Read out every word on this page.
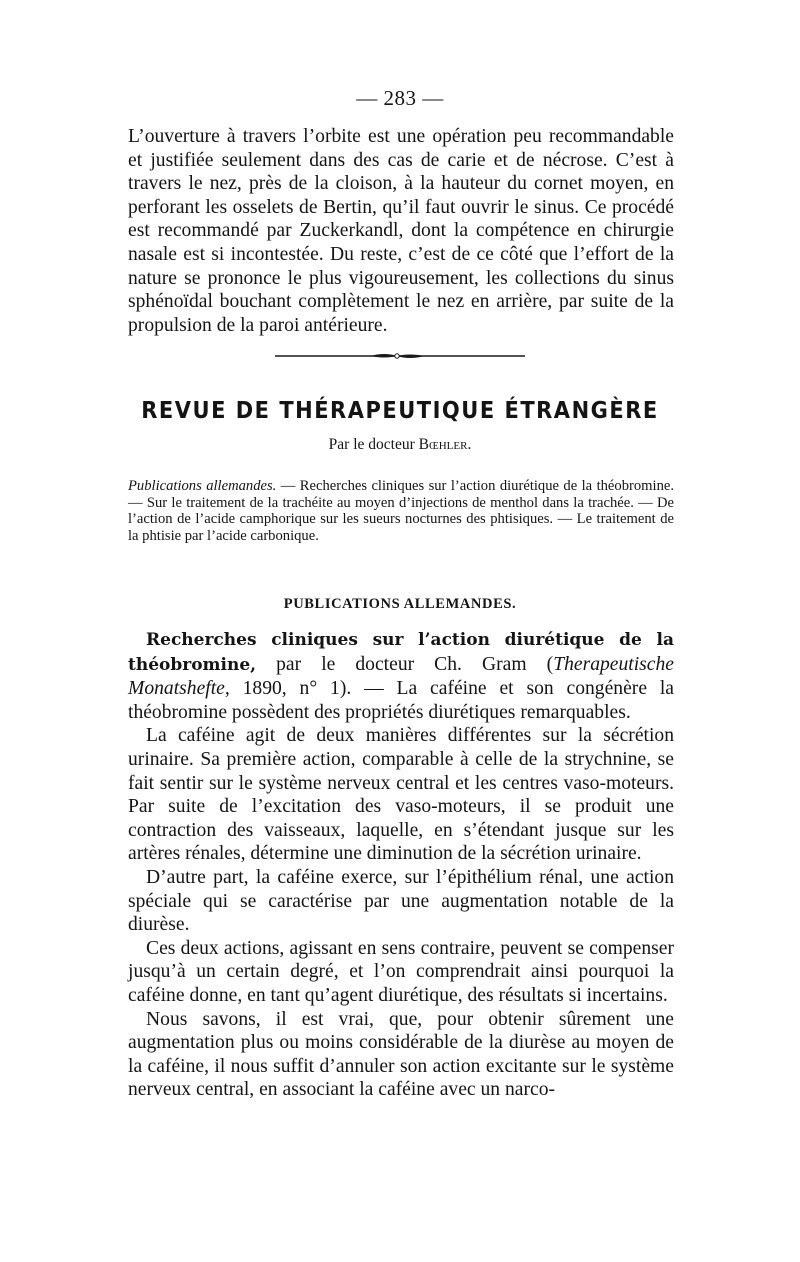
— 283 —

L’ouverture à travers l’orbite est une opération peu recommandable et justifiée seulement dans des cas de carie et de nécrose. C’est à travers le nez, près de la cloison, à la hauteur du cornet moyen, en perforant les osselets de Bertin, qu’il faut ouvrir le sinus. Ce procédé est recommandé par Zuckerkandl, dont la compétence en chirurgie nasale est si incontestée. Du reste, c’est de ce côté que l’effort de la nature se prononce le plus vigoureusement, les collections du sinus sphénoïdal bouchant complètement le nez en arrière, par suite de la propulsion de la paroi antérieure.

REVUE DE THÉRAPEUTIQUE ÉTRANGÈRE
Par le docteur Bœhler.
Publications allemandes. — Recherches cliniques sur l’action diurétique de la théobromine. — Sur le traitement de la trachéite au moyen d’injections de menthol dans la trachée. — De l’action de l’acide camphorique sur les sueurs nocturnes des phtisiques. — Le traitement de la phtisie par l’acide carbonique.
PUBLICATIONS ALLEMANDES.

Recherches cliniques sur l’action diurétique de la théobromine, par le docteur Ch. Gram (Therapeutische Monatshefte, 1890, n° 1). — La caféine et son congénère la théobromine possèdent des propriétés diurétiques remarquables.

La caféine agit de deux manières différentes sur la sécrétion urinaire. Sa première action, comparable à celle de la strychnine, se fait sentir sur le système nerveux central et les centres vaso-moteurs. Par suite de l’excitation des vaso-moteurs, il se produit une contraction des vaisseaux, laquelle, en s’étendant jusque sur les artères rénales, détermine une diminution de la sécrétion urinaire.

D’autre part, la caféine exerce, sur l’épithélium rénal, une action spéciale qui se caractérise par une augmentation notable de la diurèse.

Ces deux actions, agissant en sens contraire, peuvent se compenser jusqu’à un certain degré, et l’on comprendrait ainsi pourquoi la caféine donne, en tant qu’agent diurétique, des résultats si incertains.

Nous savons, il est vrai, que, pour obtenir sûrement une augmentation plus ou moins considérable de la diurèse au moyen de la caféine, il nous suffit d’annuler son action excitante sur le système nerveux central, en associant la caféine avec un narco-
